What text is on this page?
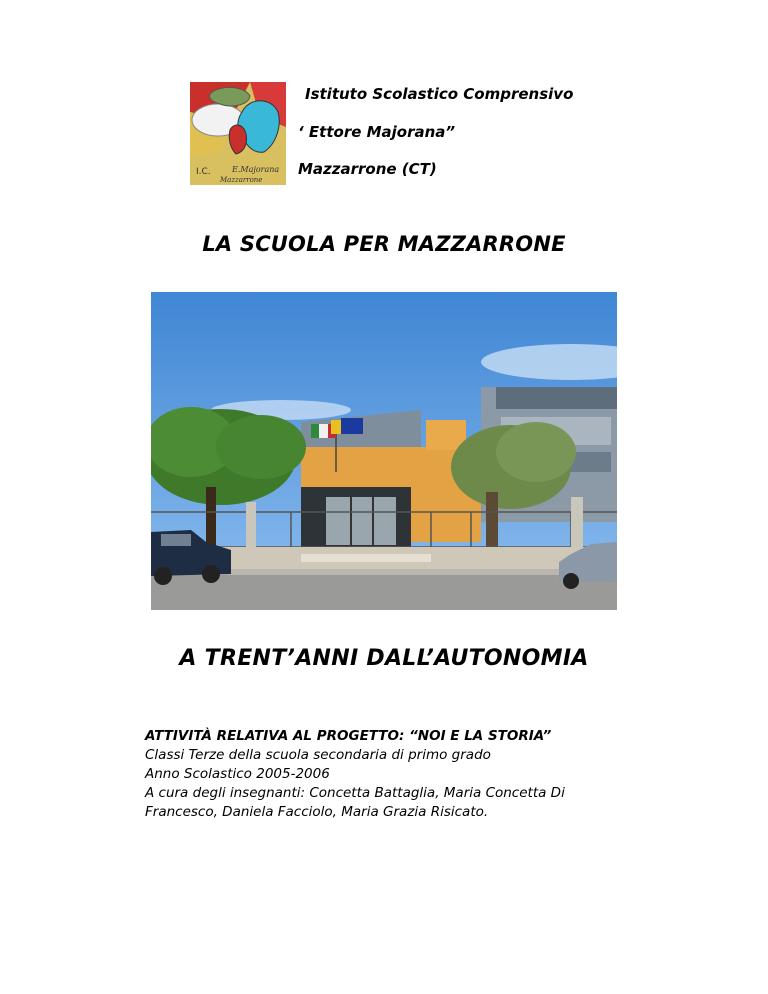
I.C.	E.Majorana
Mazzarrone
Istituto Scolastico Comprensivo
‘ Ettore Majorana”
Mazzarrone (CT)
LA SCUOLA PER MAZZARRONE
A TRENT’ANNI DALL’AUTONOMIA
ATTIVITÀ RELATIVA AL PROGETTO: “NOI E LA STORIA”
Classi Terze della scuola secondaria di primo grado
Anno Scolastico 2005-2006
A cura degli insegnanti: Concetta Battaglia, Maria Concetta Di
Francesco, Daniela Facciolo, Maria Grazia Risicato.
